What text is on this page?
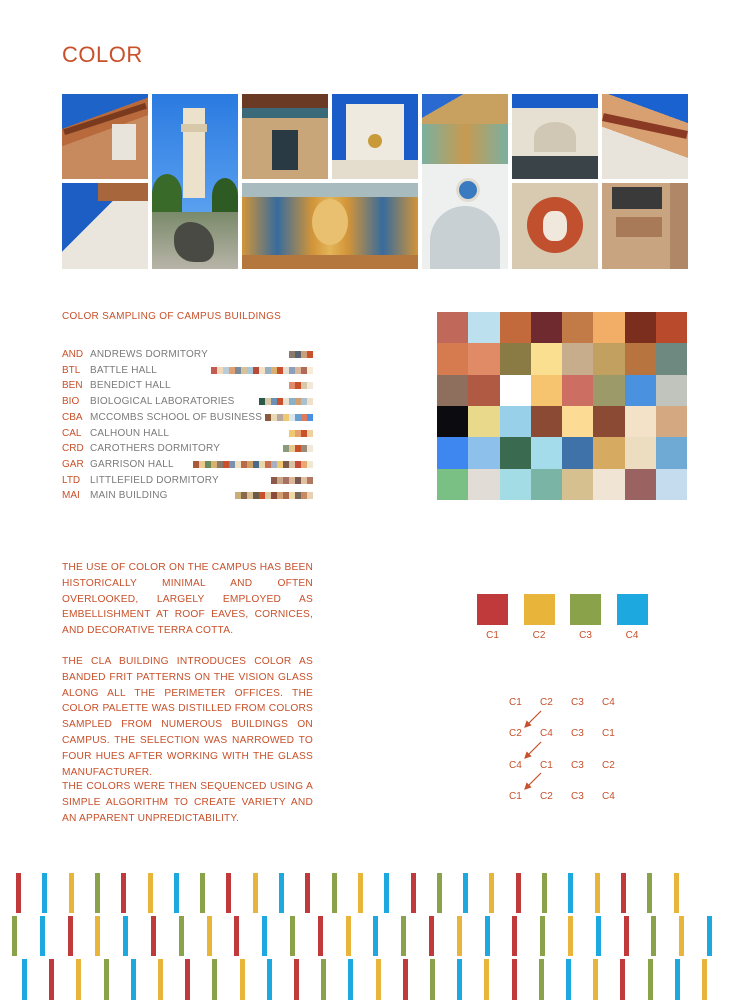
COLOR
COLOR SAMPLING OF CAMPUS BUILDINGS
AND ANDREWS DORMITORY
BTL BATTLE HALL
BEN BENEDICT HALL
BIO BIOLOGICAL LABORATORIES
CBA MCCOMBS SCHOOL OF BUSINESS
CAL CALHOUN HALL
CRD CAROTHERS DORMITORY
GAR GARRISON HALL
LTD LITTLEFIELD DORMITORY
MAI MAIN BUILDING
THE USE OF COLOR ON THE CAMPUS HAS BEEN HISTORICALLY MINIMAL AND OFTEN OVERLOOKED, LARGELY EMPLOYED AS EMBELLISHMENT AT ROOF EAVES, CORNICES, AND DECORATIVE TERRA COTTA.
THE CLA BUILDING INTRODUCES COLOR AS BANDED FRIT PATTERNS ON THE VISION GLASS ALONG ALL THE PERIMETER OFFICES. THE COLOR PALETTE WAS DISTILLED FROM COLORS SAMPLED FROM NUMEROUS BUILDINGS ON CAMPUS. THE SELECTION WAS NARROWED TO FOUR HUES AFTER WORKING WITH THE GLASS MANUFACTURER.
THE COLORS WERE THEN SEQUENCED USING A SIMPLE ALGORITHM TO CREATE VARIETY AND AN APPARENT UNPREDICTABILITY.
C1	C2	C3	C4
C1 C2 C3 C4
C2 C4 C3 C1
C4 C1 C3 C2
C1 C2 C3 C4
